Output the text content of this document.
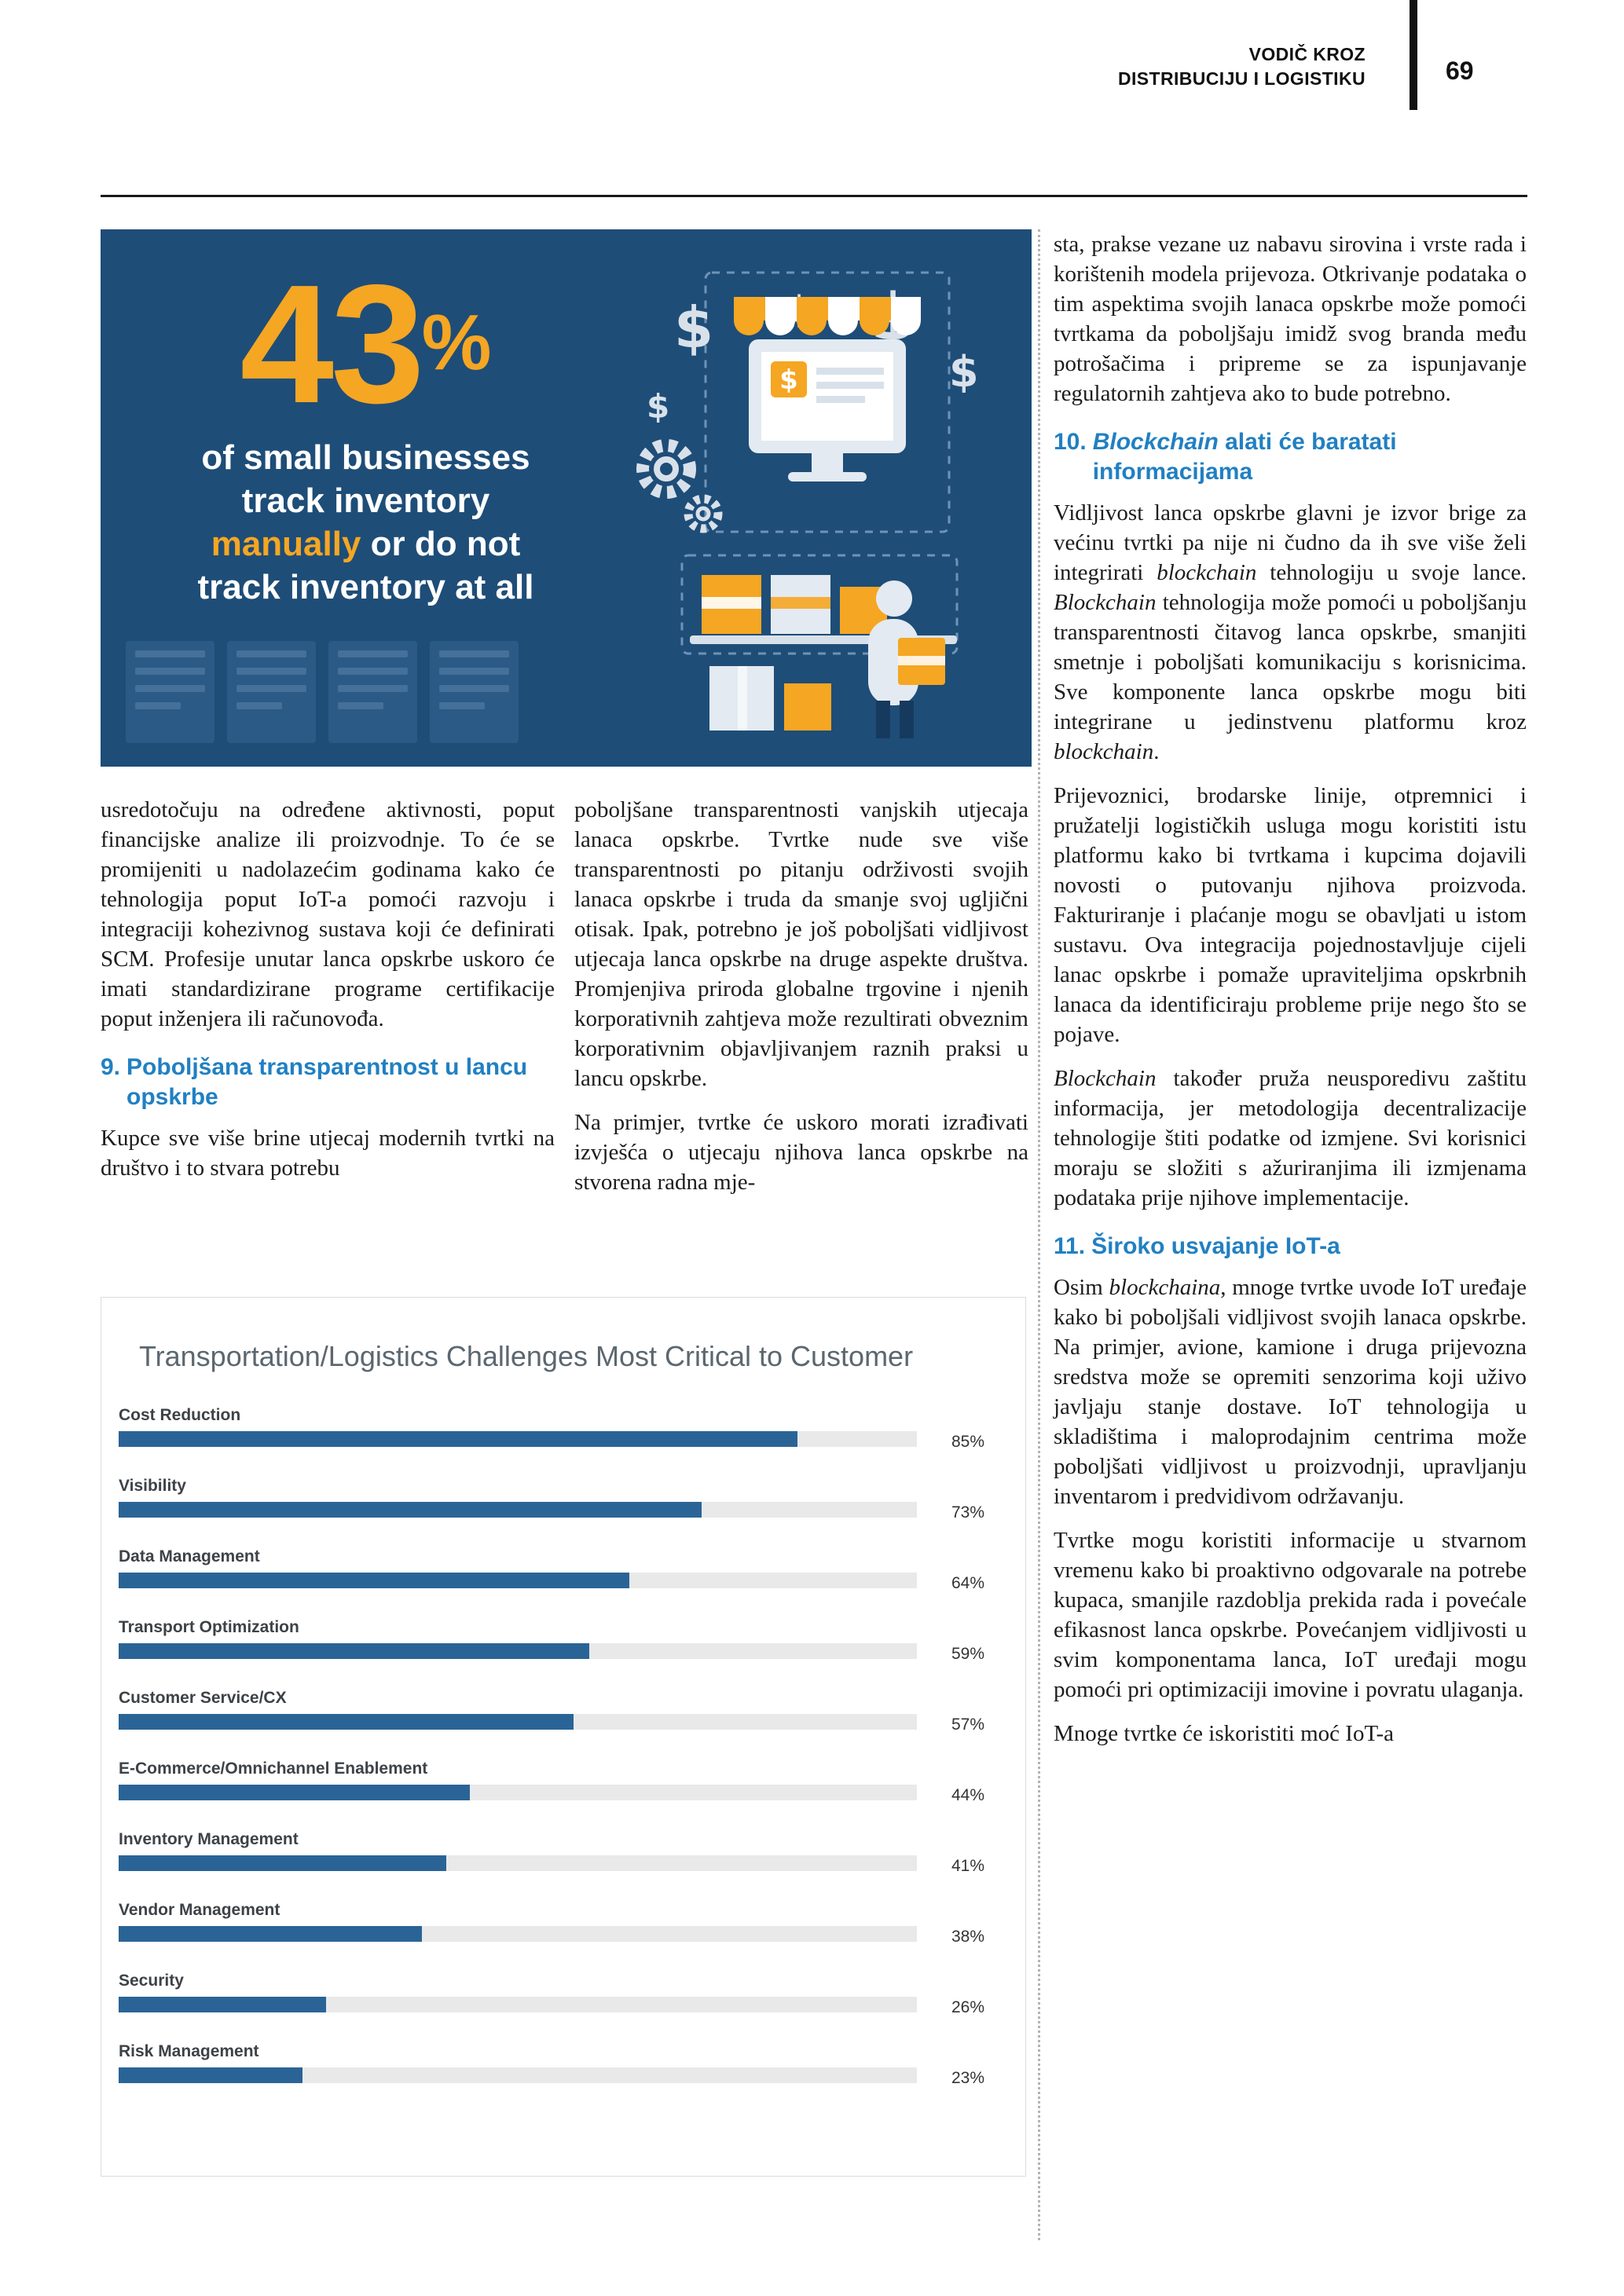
VODIČ KROZ
DISTRIBUCIJU I LOGISTIKU	69
43%
of small businesses
track inventory
manually or do not
track inventory at all
$
$
$
$

usredotočuju na određene aktivnosti, poput financijske analize ili proizvodnje. To će se promijeniti u nadolazećim godinama kako će tehnologija poput IoT-a pomoći razvoju i integraciji kohezivnog sustava koji će definirati SCM. Profesije unutar lanca opskrbe uskoro će imati standardizirane programe certifikacije poput inženjera ili računovođa.

9. Poboljšana transparentnost u lancu opskrbe

Kupce sve više brine utjecaj modernih tvrtki na društvo i to stvara potrebu

poboljšane transparentnosti vanjskih utjecaja lanaca opskrbe. Tvrtke nude sve više transparentnosti po pitanju održivosti svojih lanaca opskrbe i truda da smanje svoj ugljični otisak. Ipak, potrebno je još poboljšati vidljivost utjecaja lanca opskrbe na druge aspekte društva. Promjenjiva priroda globalne trgovine i njenih korporativnih zahtjeva može rezultirati obveznim korporativnim objavljivanjem raznih praksi u lancu opskrbe.

Na primjer, tvrtke će uskoro morati izrađivati izvješća o utjecaju njihova lanca opskrbe na stvorena radna mje-

sta, prakse vezane uz nabavu sirovina i vrste rada i korištenih modela prijevoza. Otkrivanje podataka o tim aspektima svojih lanaca opskrbe može pomoći tvrtkama da poboljšaju imidž svog branda među potrošačima i pripreme se za ispunjavanje regulatornih zahtjeva ako to bude potrebno.

10. Blockchain alati će baratati informacijama

Vidljivost lanca opskrbe glavni je izvor brige za većinu tvrtki pa nije ni čudno da ih sve više želi integrirati blockchain tehnologiju u svoje lance. Blockchain tehnologija može pomoći u poboljšanju transparentnosti čitavog lanca opskrbe, smanjiti smetnje i poboljšati komunikaciju s korisnicima. Sve komponente lanca opskrbe mogu biti integrirane u jedinstvenu platformu kroz blockchain.

Prijevoznici, brodarske linije, otpremnici i pružatelji logističkih usluga mogu koristiti istu platformu kako bi tvrtkama i kupcima dojavili novosti o putovanju njihova proizvoda. Fakturiranje i plaćanje mogu se obavljati u istom sustavu. Ova integracija pojednostavljuje cijeli lanac opskrbe i pomaže upraviteljima opskrbnih lanaca da identificiraju probleme prije nego što se pojave.

Blockchain također pruža neusporedivu zaštitu informacija, jer metodologija decentralizacije tehnologije štiti podatke od izmjene. Svi korisnici moraju se složiti s ažuriranjima ili izmjenama podataka prije njihove implementacije.

11. Široko usvajanje IoT-a

Osim blockchaina, mnoge tvrtke uvode IoT uređaje kako bi poboljšali vidljivost svojih lanaca opskrbe. Na primjer, avione, kamione i druga prijevozna sredstva može se opremiti senzorima koji uživo javljaju stanje dostave. IoT tehnologija u skladištima i maloprodajnim centrima može poboljšati vidljivost u proizvodnji, upravljanju inventarom i predvidivom održavanju.

Tvrtke mogu koristiti informacije u stvarnom vremenu kako bi proaktivno odgovarale na potrebe kupaca, smanjile razdoblja prekida rada i povećale efikasnost lanca opskrbe. Povećanjem vidljivosti u svim komponentama lanca, IoT uređaji mogu pomoći pri optimizaciji imovine i povratu ulaganja.

Mnoge tvrtke će iskoristiti moć IoT-a

Transportation/Logistics Challenges Most Critical to Customer
Cost Reduction
85%
Visibility
73%
Data Management
64%
Transport Optimization
59%
Customer Service/CX
57%
E-Commerce/Omnichannel Enablement
44%
Inventory Management
41%
Vendor Management
38%
Security
26%
Risk Management
23%
